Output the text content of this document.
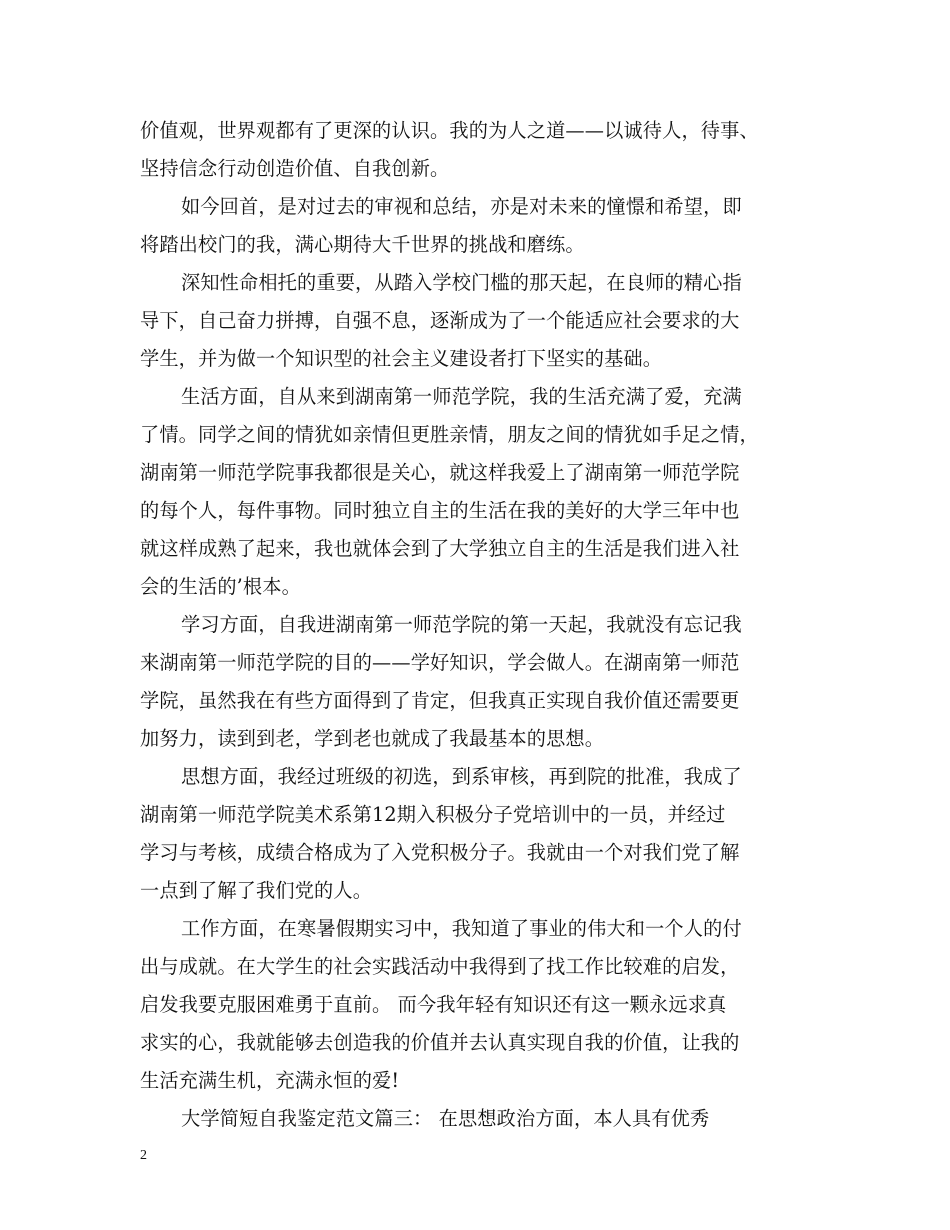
价值观，世界观都有了更深的认识。我的为人之道——以诚待人，待事、
坚持信念行动创造价值、自我创新。
如今回首，是对过去的审视和总结，亦是对未来的憧憬和希望，即
将踏出校门的我，满心期待大千世界的挑战和磨练。
深知性命相托的重要，从踏入学校门槛的那天起，在良师的精心指
导下，自己奋力拼搏，自强不息，逐渐成为了一个能适应社会要求的大
学生，并为做一个知识型的社会主义建设者打下坚实的基础。
生活方面，自从来到湖南第一师范学院，我的生活充满了爱，充满
了情。同学之间的情犹如亲情但更胜亲情，朋友之间的情犹如手足之情，
湖南第一师范学院事我都很是关心，就这样我爱上了湖南第一师范学院
的每个人，每件事物。同时独立自主的生活在我的美好的大学三年中也
就这样成熟了起来，我也就体会到了大学独立自主的生活是我们进入社
会的生活的’根本。
学习方面，自我进湖南第一师范学院的第一天起，我就没有忘记我
来湖南第一师范学院的目的——学好知识，学会做人。在湖南第一师范
学院，虽然我在有些方面得到了肯定，但我真正实现自我价值还需要更
加努力，读到到老，学到老也就成了我最基本的思想。
思想方面，我经过班级的初选，到系审核，再到院的批准，我成了
湖南第一师范学院美术系第12期入积极分子党培训中的一员，并经过
学习与考核，成绩合格成为了入党积极分子。我就由一个对我们党了解
一点到了解了我们党的人。
工作方面，在寒暑假期实习中，我知道了事业的伟大和一个人的付
出与成就。在大学生的社会实践活动中我得到了找工作比较难的启发，
启发我要克服困难勇于直前。 而今我年轻有知识还有这一颗永远求真
求实的心，我就能够去创造我的价值并去认真实现自我的价值，让我的
生活充满生机，充满永恒的爱!
大学简短自我鉴定范文篇三： 在思想政治方面，本人具有优秀
2
